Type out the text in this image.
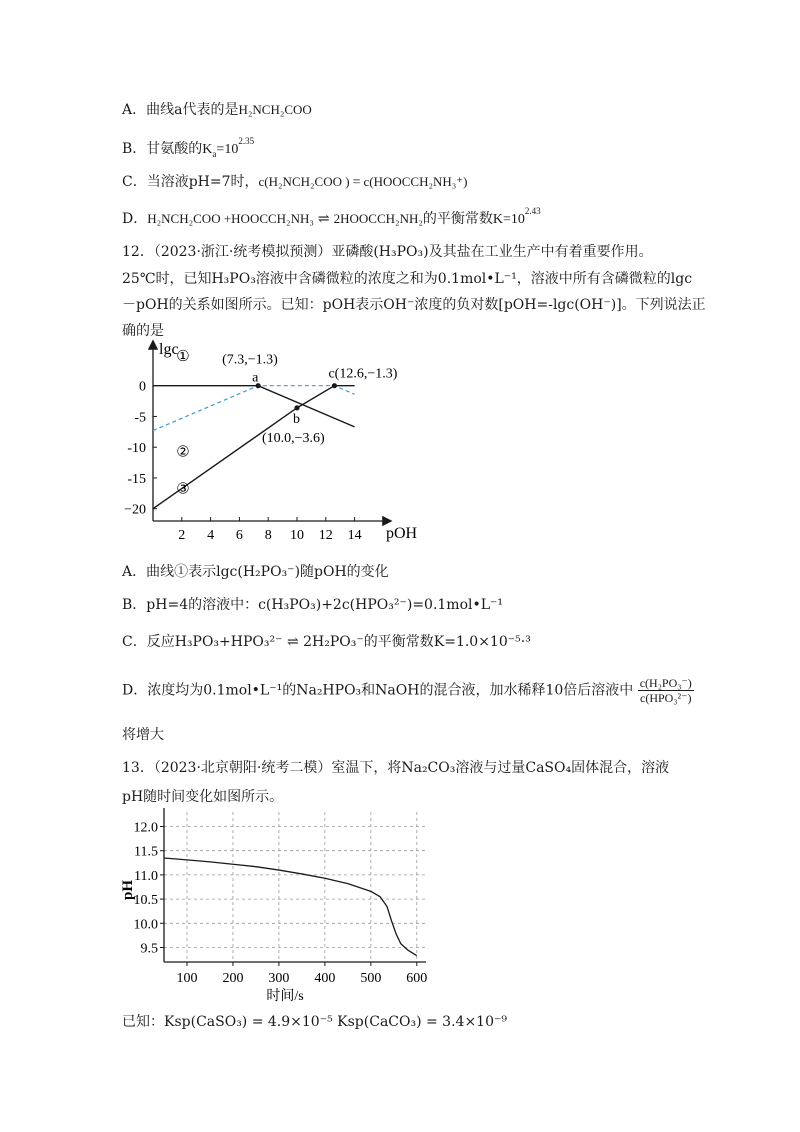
A．曲线a代表的是H₂NCH₂COO
B．甘氨酸的$K_a=10^{2.35}$
C．当溶液pH=7时，c(H₂NCH₂COO ) = c(HOOCCH₂NH₃⁺)
D．H₂NCH₂COO +HOOCCH₂NH₃ ⇌ 2HOOCCH₂NH₂的平衡常数$K=10^{2.43}$
12．（2023·浙江·统考模拟预测）亚磷酸(H₃PO₃)及其盐在工业生产中有着重要作用。
25℃时，已知H₃PO₃溶液中含磷微粒的浓度之和为0.1mol•L⁻¹，溶液中所有含磷微粒的lgc
－pOH的关系如图所示。已知：pOH表示OH⁻浓度的负对数[pOH=-lgc(OH⁻)]。下列说法正
确的是
2 4 6 8 10 12 14
0
-5
-10
-15
−20
lgc
pOH
①
②
③
a
(7.3,−1.3)
b
(10.0,−3.6)
c(12.6,−1.3)
A．曲线①表示lgc(H₂PO₃⁻)随pOH的变化
B．pH=4的溶液中：c(H₃PO₃)+2c(HPO₃²⁻)=0.1mol•L⁻¹
C．反应H₃PO₃+HPO₃²⁻ ⇌ 2H₂PO₃⁻的平衡常数K=1.0×10⁻⁵·³
D．浓度均为0.1mol•L⁻¹的Na₂HPO₃和NaOH的混合液，加水稀释10倍后溶液中 $\frac{\text{c(H₂PO₃⁻)}}{\text{c(HPO₃²⁻)}}$
将增大
13．（2023·北京朝阳·统考二模）室温下，将Na₂CO₃溶液与过量CaSO₄固体混合，溶液
pH随时间变化如图所示。
9.5
10.0
10.5
11.0
11.5
12.0
100 200 300 400 500 600
pH
时间/s
已知：Ksp(CaSO₃) = 4.9×10⁻⁵ Ksp(CaCO₃) = 3.4×10⁻⁹
